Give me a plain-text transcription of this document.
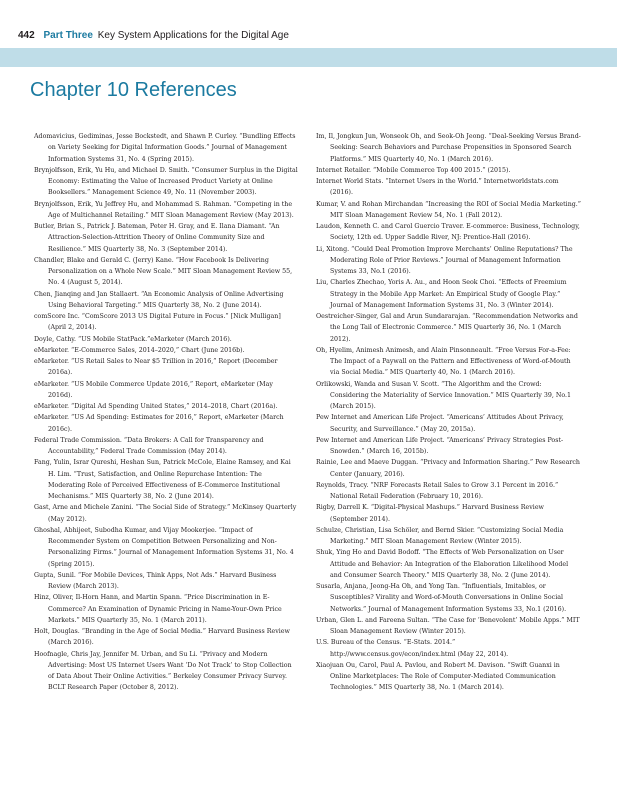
442 Part Three Key System Applications for the Digital Age
Chapter 10 References
Adomavicius, Gediminas, Jesse Bockstedt, and Shawn P. Curley. “Bundling Effects on Variety Seeking for Digital Information Goods.” Journal of Management Information Systems 31, No. 4 (Spring 2015).
Brynjolfsson, Erik, Yu Hu, and Michael D. Smith. “Consumer Surplus in the Digital Economy: Estimating the Value of Increased Product Variety at Online Booksellers.” Management Science 49, No. 11 (November 2003).
Brynjolfsson, Erik, Yu Jeffrey Hu, and Mohammad S. Rahman. “Competing in the Age of Multichannel Retailing.” MIT Sloan Management Review (May 2013).
Butler, Brian S., Patrick J. Bateman, Peter H. Gray, and E. Ilana Diamant. “An Attraction-Selection-Attrition Theory of Online Community Size and Resilience.” MIS Quarterly 38, No. 3 (September 2014).
Chandler, Blake and Gerald C. (Jerry) Kane. “How Facebook Is Delivering Personalization on a Whole New Scale.” MIT Sloan Management Review 55, No. 4 (August 5, 2014).
Chen, Jianqing and Jan Stallaert. “An Economic Analysis of Online Advertising Using Behavioral Targeting.” MIS Quarterly 38, No. 2 (June 2014).
comScore Inc. “ComScore 2013 US Digital Future in Focus.” [Nick Mulligan] (April 2, 2014).
Doyle, Cathy. “US Mobile StatPack.”eMarketer (March 2016).
eMarketer. “E-Commerce Sales, 2014–2020,” Chart (June 2016b).
eMarketer. “US Retail Sales to Near $5 Trillion in 2016,” Report (December 2016a).
eMarketer. “US Mobile Commerce Update 2016,” Report, eMarketer (May 2016d).
eMarketer. “Digital Ad Spending United States,” 2014–2018, Chart (2016a).
eMarketer. “US Ad Spending: Estimates for 2016,” Report, eMarketer (March 2016c).
Federal Trade Commission. “Data Brokers: A Call for Transparency and Accountability,” Federal Trade Commission (May 2014).
Fang, Yulin, Israr Qureshi, Heshan Sun, Patrick McCole, Elaine Ramsey, and Kai H. Lim. “Trust, Satisfaction, and Online Repurchase Intention: The Moderating Role of Perceived Effectiveness of E-Commerce Institutional Mechanisms.” MIS Quarterly 38, No. 2 (June 2014).
Gast, Arne and Michele Zanini. “The Social Side of Strategy.” McKinsey Quarterly (May 2012).
Ghoshal, Abhijeet, Subodha Kumar, and Vijay Mookerjee. “Impact of Recommender System on Competition Between Personalizing and Non-Personalizing Firms.” Journal of Management Information Systems 31, No. 4 (Spring 2015).
Gupta, Sunil. “For Mobile Devices, Think Apps, Not Ads.” Harvard Business Review (March 2013).
Hinz, Oliver, Il-Horn Hann, and Martin Spann. “Price Discrimination in E-Commerce? An Examination of Dynamic Pricing in Name-Your-Own Price Markets.” MIS Quarterly 35, No. 1 (March 2011).
Holt, Douglas. “Branding in the Age of Social Media.” Harvard Business Review (March 2016).
Hoofnagle, Chris Jay, Jennifer M. Urban, and Su Li. “Privacy and Modern Advertising: Most US Internet Users Want ‘Do Not Track’ to Stop Collection of Data About Their Online Activities.” Berkeley Consumer Privacy Survey. BCLT Research Paper (October 8, 2012).
Im, Il, Jongkun Jun, Wonseok Oh, and Seok-Oh Jeong. “Deal-Seeking Versus Brand-Seeking: Search Behaviors and Purchase Propensities in Sponsored Search Platforms.” MIS Quarterly 40, No. 1 (March 2016).
Internet Retailer. “Mobile Commerce Top 400 2015.” (2015).
Internet World Stats. “Internet Users in the World.” Internetworldstats.com (2016).
Kumar, V. and Rohan Mirchandan “Increasing the ROI of Social Media Marketing.” MIT Sloan Management Review 54, No. 1 (Fall 2012).
Laudon, Kenneth C. and Carol Guercio Traver. E-commerce: Business, Technology, Society, 12th ed. Upper Saddle River, NJ: Prentice-Hall (2016).
Li, Xitong. “Could Deal Promotion Improve Merchants’ Online Reputations? The Moderating Role of Prior Reviews.” Journal of Management Information Systems 33, No.1 (2016).
Liu, Charles Zhechao, Yoris A. Au., and Hoon Seok Choi. “Effects of Freemium Strategy in the Mobile App Market: An Empirical Study of Google Play.” Journal of Management Information Systems 31, No. 3 (Winter 2014).
Oestreicher-Singer, Gal and Arun Sundararajan. “Recommendation Networks and the Long Tail of Electronic Commerce.” MIS Quarterly 36, No. 1 (March 2012).
Oh, Hyelim, Animesh Animesh, and Alain Pinsonneault. “Free Versus For-a-Fee: The Impact of a Paywall on the Pattern and Effectiveness of Word-of-Mouth via Social Media.” MIS Quarterly 40, No. 1 (March 2016).
Orlikowski, Wanda and Susan V. Scott. “The Algorithm and the Crowd: Considering the Materiality of Service Innovation.” MIS Quarterly 39, No.1 (March 2015).
Pew Internet and American Life Project. “Americans’ Attitudes About Privacy, Security, and Surveillance.” (May 20, 2015a).
Pew Internet and American Life Project. “Americans’ Privacy Strategies Post-Snowden.” (March 16, 2015b).
Rainie, Lee and Maeve Duggan. “Privacy and Information Sharing.” Pew Research Center (January, 2016).
Reynolds, Tracy. “NRF Forecasts Retail Sales to Grow 3.1 Percent in 2016.” National Retail Federation (February 10, 2016).
Rigby, Darrell K. “Digital-Physical Mashups.” Harvard Business Review (September 2014).
Schulze, Christian, Lisa Schöler, and Bernd Skier. “Customizing Social Media Marketing.” MIT Sloan Management Review (Winter 2015).
Shuk, Ying Ho and David Bodoff. “The Effects of Web Personalization on User Attitude and Behavior: An Integration of the Elaboration Likelihood Model and Consumer Search Theory.” MIS Quarterly 38, No. 2 (June 2014).
Susarla, Anjana, Jeong-Ha Oh, and Yong Tan. “Influentials, Imitables, or Susceptibles? Virality and Word-of-Mouth Conversations in Online Social Networks.” Journal of Management Information Systems 33, No.1 (2016).
Urban, Glen L. and Fareena Sultan. “The Case for ‘Benevolent’ Mobile Apps.” MIT Sloan Management Review (Winter 2015).
U.S. Bureau of the Census. “E-Stats. 2014.” http://www.census.gov/econ/index.html (May 22, 2014).
Xiaojuan Ou, Carol, Paul A. Pavlou, and Robert M. Davison. “Swift Guanxi in Online Marketplaces: The Role of Computer-Mediated Communication Technologies.” MIS Quarterly 38, No. 1 (March 2014).
